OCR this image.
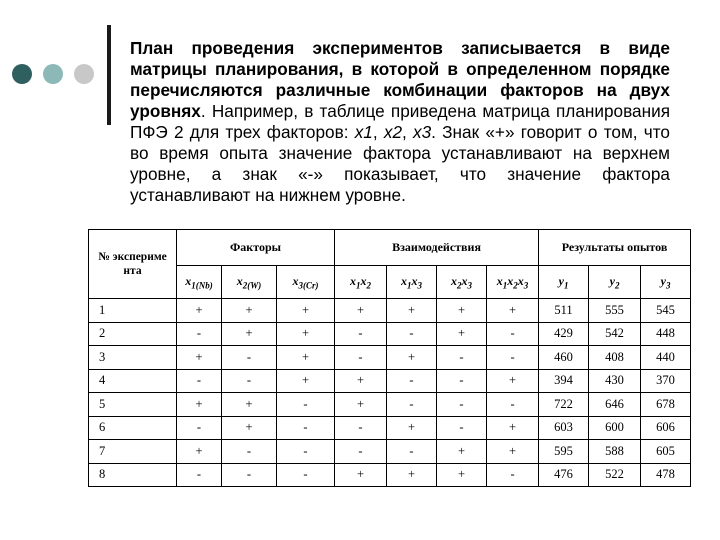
План проведения экспериментов записывается в виде матрицы планирования, в которой в определенном порядке перечисляются различные комбинации факторов на двух уровнях. Например, в таблице приведена матрица планирования ПФЭ 2 для трех факторов: х1, х2, х3. Знак «+» говорит о том, что во время опыта значение фактора устанавливают на верхнем уровне, а знак «-» показывает, что значение фактора устанавливают на нижнем уровне.

№ экспериме нта	Факторы			Взаимодействия				Результаты опытов		
	$x_{1(Nb)}$	$x_{2(W)}$	$x_{3(Cr)}$	$x_1x_2$	$x_1x_3$	$x_2x_3$	$x_1x_2x_3$	$y_1$	$y_2$	$y_3$
1	+	+	+	+	+	+	+	511	555	545
2	-	+	+	-	-	+	-	429	542	448
3	+	-	+	-	+	-	-	460	408	440
4	-	-	+	+	-	-	+	394	430	370
5	+	+	-	+	-	-	-	722	646	678
6	-	+	-	-	+	-	+	603	600	606
7	+	-	-	-	-	+	+	595	588	605
8	-	-	-	+	+	+	-	476	522	478
